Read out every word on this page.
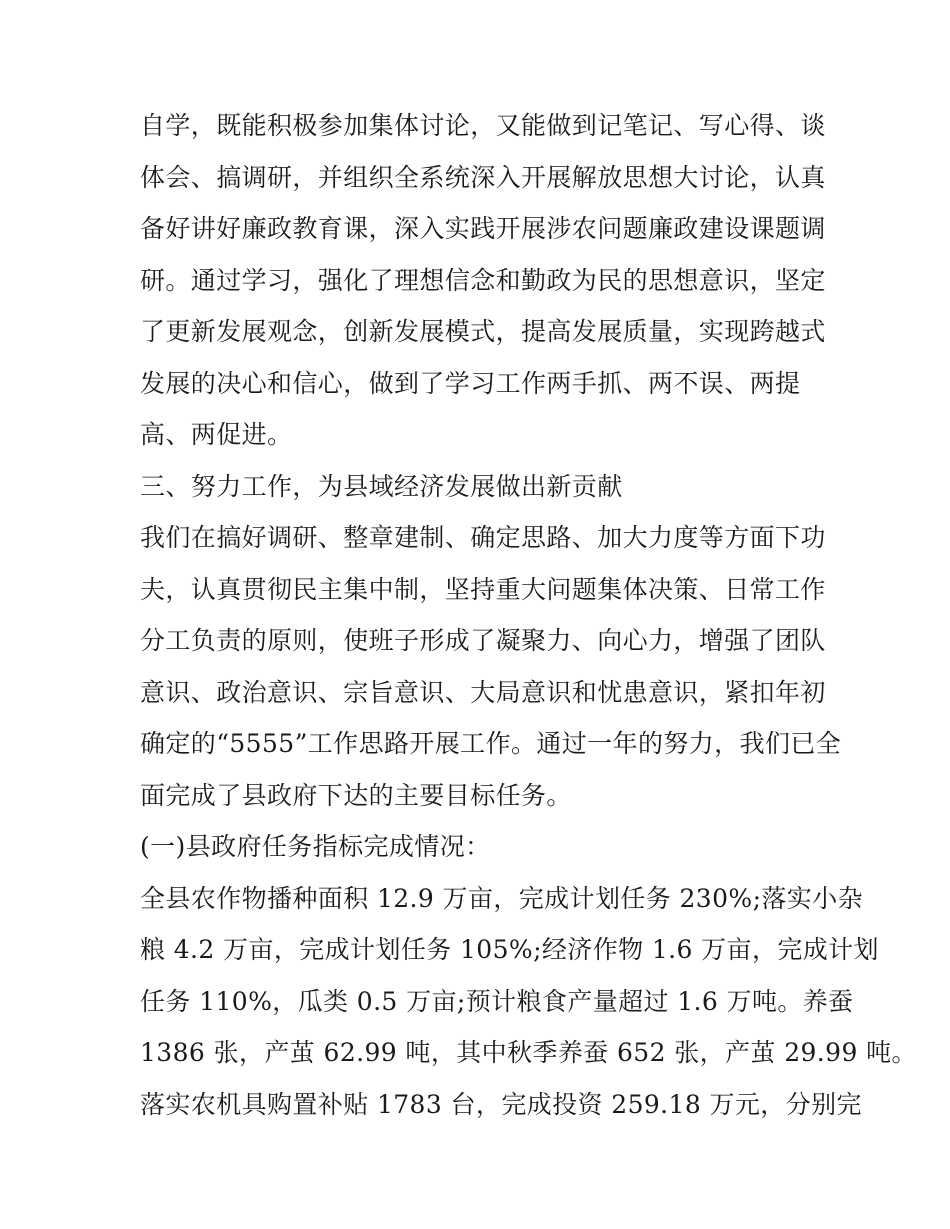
自学，既能积极参加集体讨论，又能做到记笔记、写心得、谈
体会、搞调研，并组织全系统深入开展解放思想大讨论，认真
备好讲好廉政教育课，深入实践开展涉农问题廉政建设课题调
研。通过学习，强化了理想信念和勤政为民的思想意识，坚定
了更新发展观念，创新发展模式，提高发展质量，实现跨越式
发展的决心和信心，做到了学习工作两手抓、两不误、两提
高、两促进。
三、努力工作，为县域经济发展做出新贡献
我们在搞好调研、整章建制、确定思路、加大力度等方面下功
夫，认真贯彻民主集中制，坚持重大问题集体决策、日常工作
分工负责的原则，使班子形成了凝聚力、向心力，增强了团队
意识、政治意识、宗旨意识、大局意识和忧患意识，紧扣年初
确定的“5555”工作思路开展工作。通过一年的努力，我们已全
面完成了县政府下达的主要目标任务。
(一)县政府任务指标完成情况：
全县农作物播种面积 12.9 万亩，完成计划任务 230%;落实小杂
粮 4.2 万亩，完成计划任务 105%;经济作物 1.6 万亩，完成计划
任务 110%，瓜类 0.5 万亩;预计粮食产量超过 1.6 万吨。养蚕
1386 张，产茧 62.99 吨，其中秋季养蚕 652 张，产茧 29.99 吨。
落实农机具购置补贴 1783 台，完成投资 259.18 万元，分别完
